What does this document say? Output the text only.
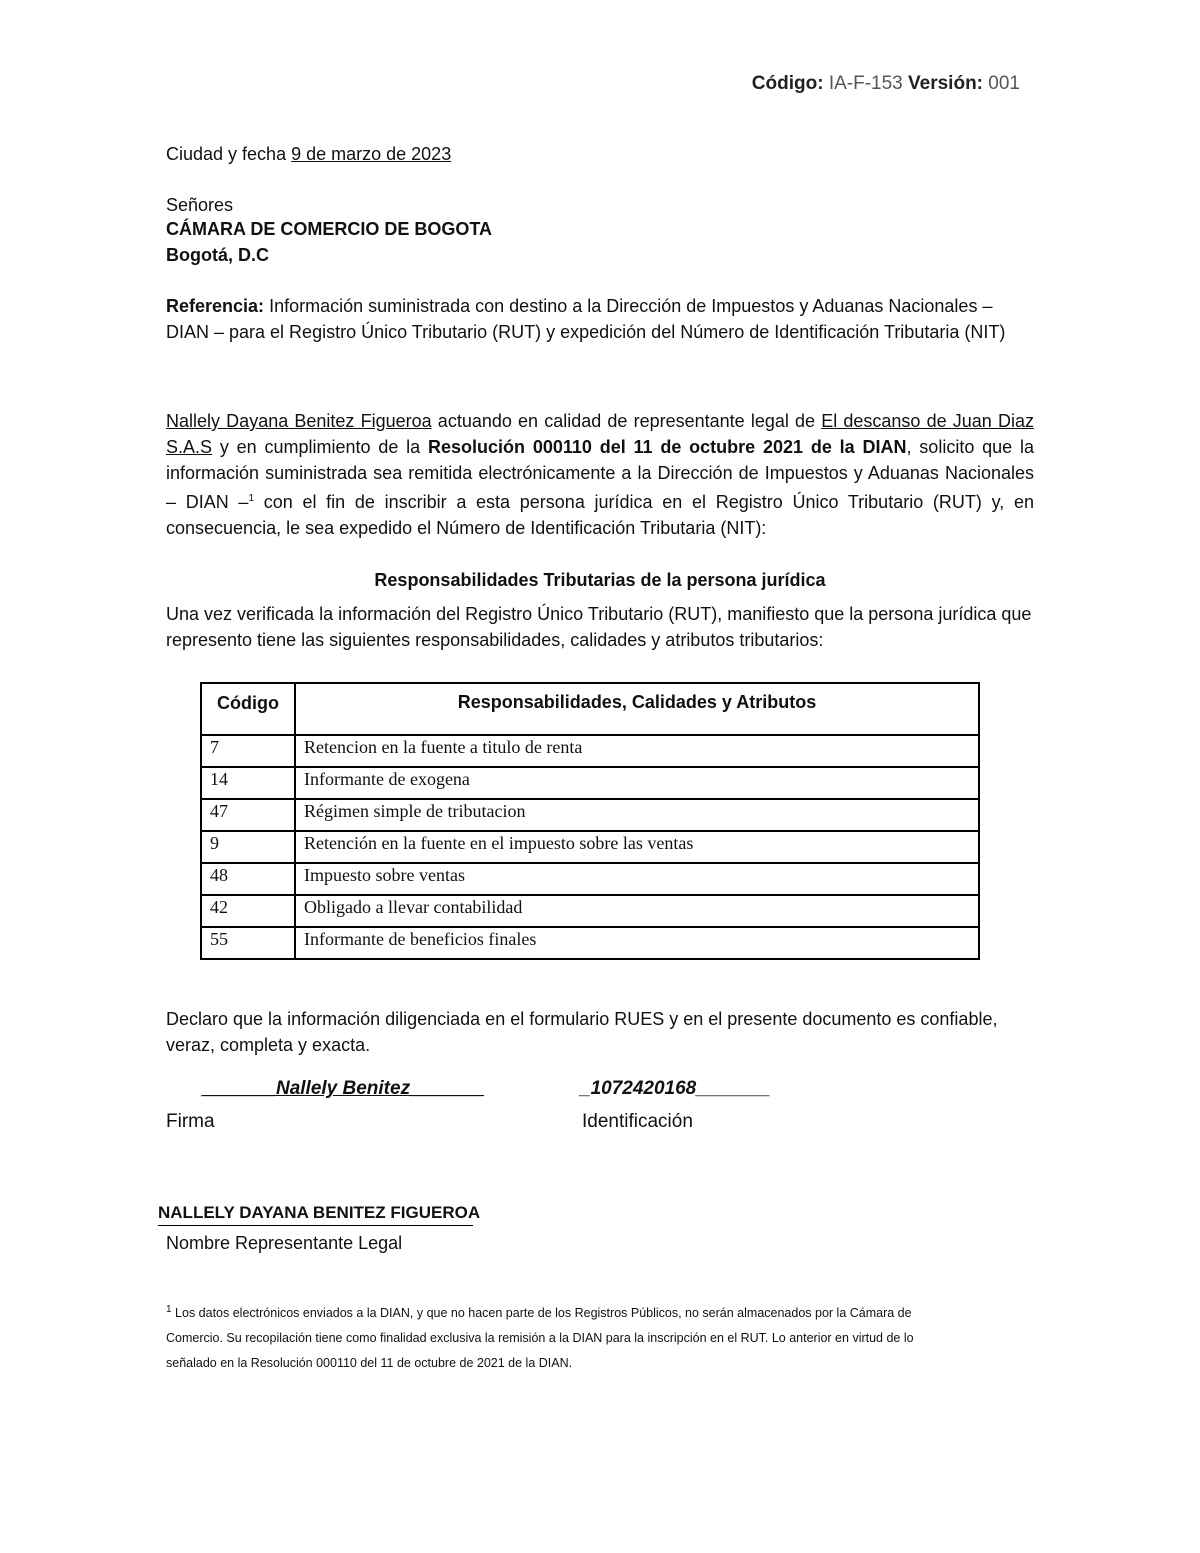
Código: IA-F-153 Versión: 001
Ciudad y fecha 9 de marzo de 2023
Señores
CÁMARA DE COMERCIO DE BOGOTA
Bogotá, D.C
Referencia: Información suministrada con destino a la Dirección de Impuestos y Aduanas Nacionales – DIAN – para el Registro Único Tributario (RUT) y expedición del Número de Identificación Tributaria (NIT)
Nallely Dayana Benitez Figueroa actuando en calidad de representante legal de El descanso de Juan Diaz S.A.S y en cumplimiento de la Resolución 000110 del 11 de octubre 2021 de la DIAN, solicito que la información suministrada sea remitida electrónicamente a la Dirección de Impuestos y Aduanas Nacionales – DIAN –$^1$ con el fin de inscribir a esta persona jurídica en el Registro Único Tributario (RUT) y, en consecuencia, le sea expedido el Número de Identificación Tributaria (NIT):
Responsabilidades Tributarias de la persona jurídica
Una vez verificada la información del Registro Único Tributario (RUT), manifiesto que la persona jurídica que represento tiene las siguientes responsabilidades, calidades y atributos tributarios:
Código	Responsabilidades, Calidades y Atributos
7	Retencion en la fuente a titulo de renta
14	Informante de exogena
47	Régimen simple de tributacion
9	Retención en la fuente en el impuesto sobre las ventas
48	Impuesto sobre ventas
42	Obligado a llevar contabilidad
55	Informante de beneficios finales
Declaro que la información diligenciada en el formulario RUES y en el presente documento es confiable, veraz, completa y exacta.
_______Nallely Benitez_______	_1072420168_______
Firma	Identificación
NALLELY DAYANA BENITEZ FIGUEROA
Nombre Representante Legal
$^1$ Los datos electrónicos enviados a la DIAN, y que no hacen parte de los Registros Públicos, no serán almacenados por la Cámara de Comercio. Su recopilación tiene como finalidad exclusiva la remisión a la DIAN para la inscripción en el RUT. Lo anterior en virtud de lo señalado en la Resolución 000110 del 11 de octubre de 2021 de la DIAN.
